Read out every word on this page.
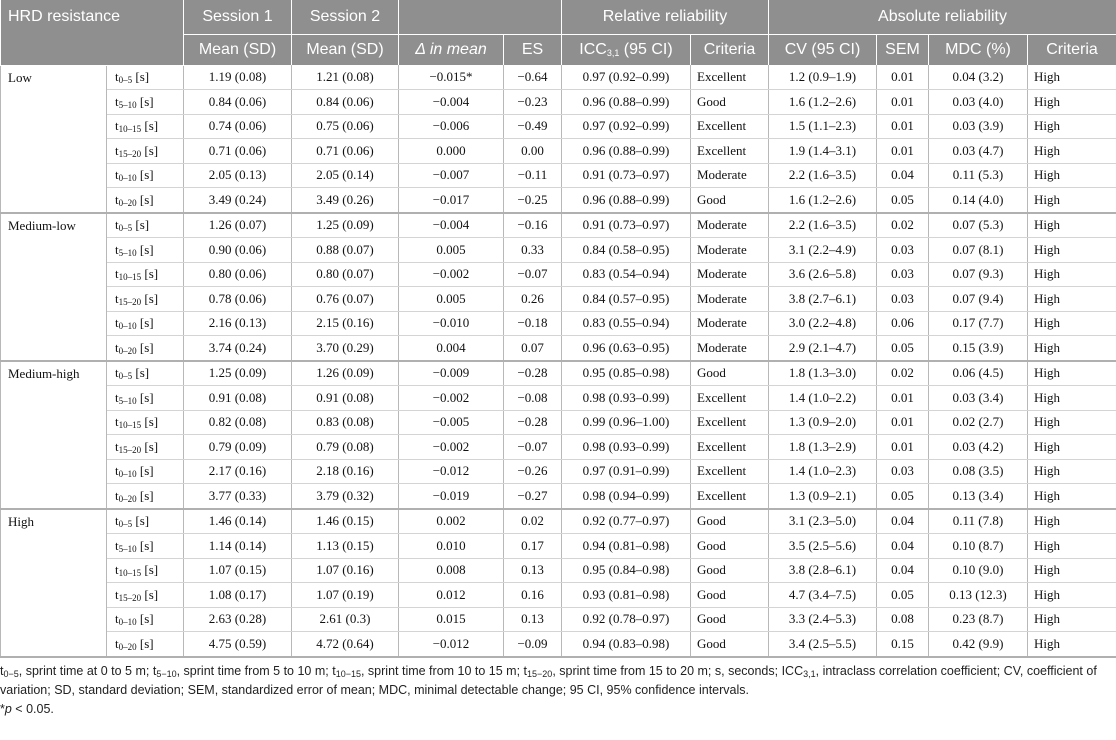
HRD resistance		Session 1	Session 2			Relative reliability		Absolute reliability			
		Mean (SD)	Mean (SD)	Δ in mean	ES	$ICC_{3,1}$ (95 CI)	Criteria	CV (95 CI)	SEM	MDC (%)	Criteria
Low	$t_{0-5}$ [s]	1.19 (0.08)	1.21 (0.08)	−0.015*	−0.64	0.97 (0.92–0.99)	Excellent	1.2 (0.9–1.9)	0.01	0.04 (3.2)	High
	$t_{5-10}$ [s]	0.84 (0.06)	0.84 (0.06)	−0.004	−0.23	0.96 (0.88–0.99)	Good	1.6 (1.2–2.6)	0.01	0.03 (4.0)	High
	$t_{10-15}$ [s]	0.74 (0.06)	0.75 (0.06)	−0.006	−0.49	0.97 (0.92–0.99)	Excellent	1.5 (1.1–2.3)	0.01	0.03 (3.9)	High
	$t_{15-20}$ [s]	0.71 (0.06)	0.71 (0.06)	0.000	0.00	0.96 (0.88–0.99)	Excellent	1.9 (1.4–3.1)	0.01	0.03 (4.7)	High
	$t_{0-10}$ [s]	2.05 (0.13)	2.05 (0.14)	−0.007	−0.11	0.91 (0.73–0.97)	Moderate	2.2 (1.6–3.5)	0.04	0.11 (5.3)	High
	$t_{0-20}$ [s]	3.49 (0.24)	3.49 (0.26)	−0.017	−0.25	0.96 (0.88–0.99)	Good	1.6 (1.2–2.6)	0.05	0.14 (4.0)	High
Medium-low	$t_{0-5}$ [s]	1.26 (0.07)	1.25 (0.09)	−0.004	−0.16	0.91 (0.73–0.97)	Moderate	2.2 (1.6–3.5)	0.02	0.07 (5.3)	High
	$t_{5-10}$ [s]	0.90 (0.06)	0.88 (0.07)	0.005	0.33	0.84 (0.58–0.95)	Moderate	3.1 (2.2–4.9)	0.03	0.07 (8.1)	High
	$t_{10-15}$ [s]	0.80 (0.06)	0.80 (0.07)	−0.002	−0.07	0.83 (0.54–0.94)	Moderate	3.6 (2.6–5.8)	0.03	0.07 (9.3)	High
	$t_{15-20}$ [s]	0.78 (0.06)	0.76 (0.07)	0.005	0.26	0.84 (0.57–0.95)	Moderate	3.8 (2.7–6.1)	0.03	0.07 (9.4)	High
	$t_{0-10}$ [s]	2.16 (0.13)	2.15 (0.16)	−0.010	−0.18	0.83 (0.55–0.94)	Moderate	3.0 (2.2–4.8)	0.06	0.17 (7.7)	High
	$t_{0-20}$ [s]	3.74 (0.24)	3.70 (0.29)	0.004	0.07	0.96 (0.63–0.95)	Moderate	2.9 (2.1–4.7)	0.05	0.15 (3.9)	High
Medium-high	$t_{0-5}$ [s]	1.25 (0.09)	1.26 (0.09)	−0.009	−0.28	0.95 (0.85–0.98)	Good	1.8 (1.3–3.0)	0.02	0.06 (4.5)	High
	$t_{5-10}$ [s]	0.91 (0.08)	0.91 (0.08)	−0.002	−0.08	0.98 (0.93–0.99)	Excellent	1.4 (1.0–2.2)	0.01	0.03 (3.4)	High
	$t_{10-15}$ [s]	0.82 (0.08)	0.83 (0.08)	−0.005	−0.28	0.99 (0.96–1.00)	Excellent	1.3 (0.9–2.0)	0.01	0.02 (2.7)	High
	$t_{15-20}$ [s]	0.79 (0.09)	0.79 (0.08)	−0.002	−0.07	0.98 (0.93–0.99)	Excellent	1.8 (1.3–2.9)	0.01	0.03 (4.2)	High
	$t_{0-10}$ [s]	2.17 (0.16)	2.18 (0.16)	−0.012	−0.26	0.97 (0.91–0.99)	Excellent	1.4 (1.0–2.3)	0.03	0.08 (3.5)	High
	$t_{0-20}$ [s]	3.77 (0.33)	3.79 (0.32)	−0.019	−0.27	0.98 (0.94–0.99)	Excellent	1.3 (0.9–2.1)	0.05	0.13 (3.4)	High
High	$t_{0-5}$ [s]	1.46 (0.14)	1.46 (0.15)	0.002	0.02	0.92 (0.77–0.97)	Good	3.1 (2.3–5.0)	0.04	0.11 (7.8)	High
	$t_{5-10}$ [s]	1.14 (0.14)	1.13 (0.15)	0.010	0.17	0.94 (0.81–0.98)	Good	3.5 (2.5–5.6)	0.04	0.10 (8.7)	High
	$t_{10-15}$ [s]	1.07 (0.15)	1.07 (0.16)	0.008	0.13	0.95 (0.84–0.98)	Good	3.8 (2.8–6.1)	0.04	0.10 (9.0)	High
	$t_{15-20}$ [s]	1.08 (0.17)	1.07 (0.19)	0.012	0.16	0.93 (0.81–0.98)	Good	4.7 (3.4–7.5)	0.05	0.13 (12.3)	High
	$t_{0-10}$ [s]	2.63 (0.28)	2.61 (0.3)	0.015	0.13	0.92 (0.78–0.97)	Good	3.3 (2.4–5.3)	0.08	0.23 (8.7)	High
	$t_{0-20}$ [s]	4.75 (0.59)	4.72 (0.64)	−0.012	−0.09	0.94 (0.83–0.98)	Good	3.4 (2.5–5.5)	0.15	0.42 (9.9)	High

$t_{0-5}$, sprint time at 0 to 5 m; $t_{5-10}$, sprint time from 5 to 10 m; $t_{10-15}$, sprint time from 10 to 15 m; $t_{15-20}$, sprint time from 15 to 20 m; s, seconds; $ICC_{3,1}$, intraclass correlation coefficient; CV, coefficient of variation; SD, standard deviation; SEM, standardized error of mean; MDC, minimal detectable change; 95 CI, 95% confidence intervals.

*p < 0.05.
